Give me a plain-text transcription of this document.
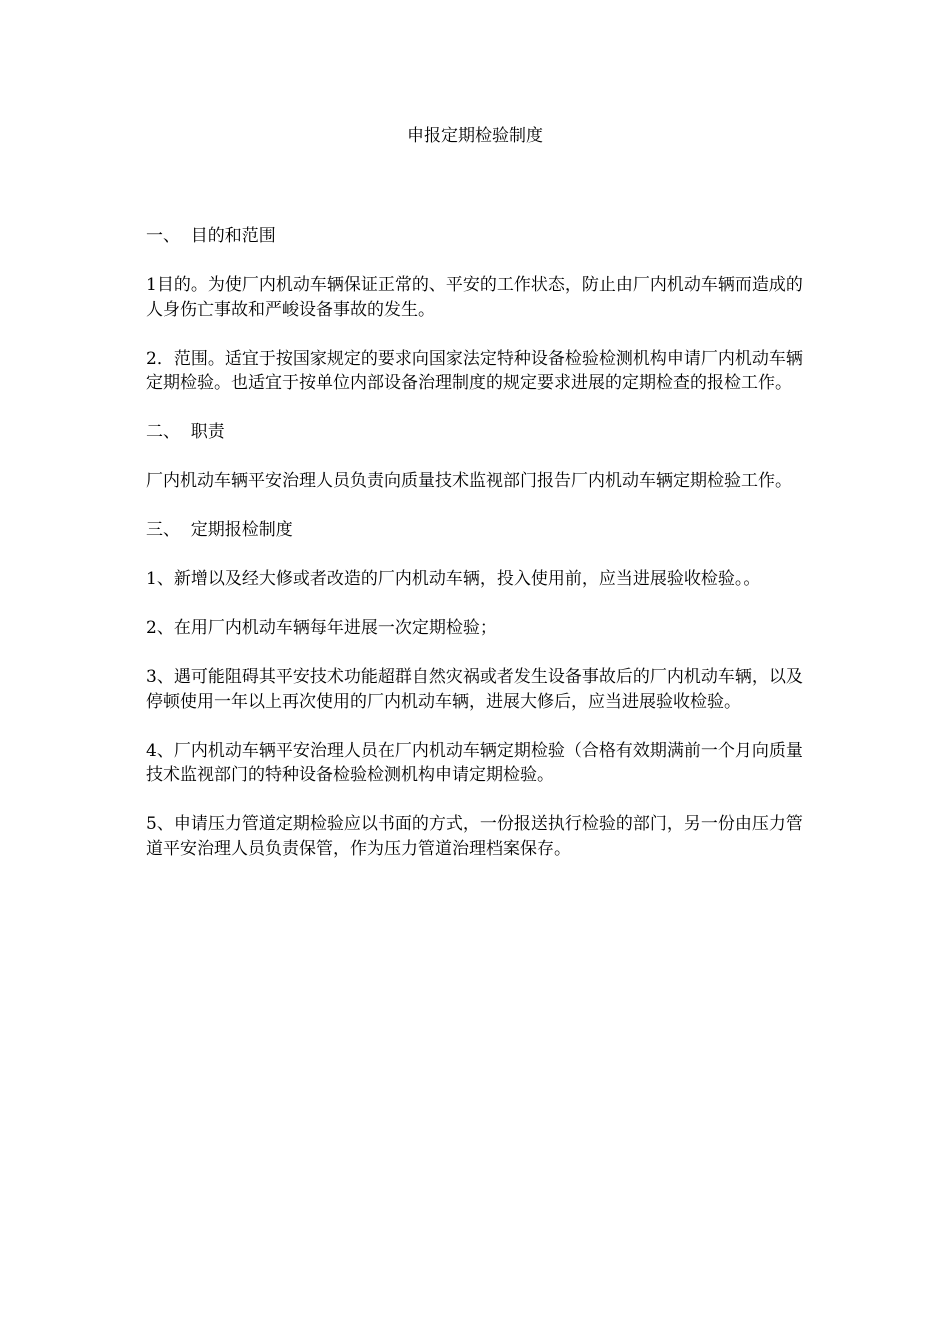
申报定期检验制度

一、  目的和范围

1目的。为使厂内机动车辆保证正常的、平安的工作状态，防止由厂内机动车辆而造成的人身伤亡事故和严峻设备事故的发生。

2．范围。适宜于按国家规定的要求向国家法定特种设备检验检测机构申请厂内机动车辆定期检验。也适宜于按单位内部设备治理制度的规定要求进展的定期检查的报检工作。

二、  职责

厂内机动车辆平安治理人员负责向质量技术监视部门报告厂内机动车辆定期检验工作。

三、  定期报检制度

1、新增以及经大修或者改造的厂内机动车辆，投入使用前，应当进展验收检验。。

2、在用厂内机动车辆每年进展一次定期检验；

3、遇可能阻碍其平安技术功能超群自然灾祸或者发生设备事故后的厂内机动车辆，以及停顿使用一年以上再次使用的厂内机动车辆，进展大修后，应当进展验收检验。

4、厂内机动车辆平安治理人员在厂内机动车辆定期检验（合格有效期满前一个月向质量技术监视部门的特种设备检验检测机构申请定期检验。

5、申请压力管道定期检验应以书面的方式，一份报送执行检验的部门，另一份由压力管道平安治理人员负责保管，作为压力管道治理档案保存。
